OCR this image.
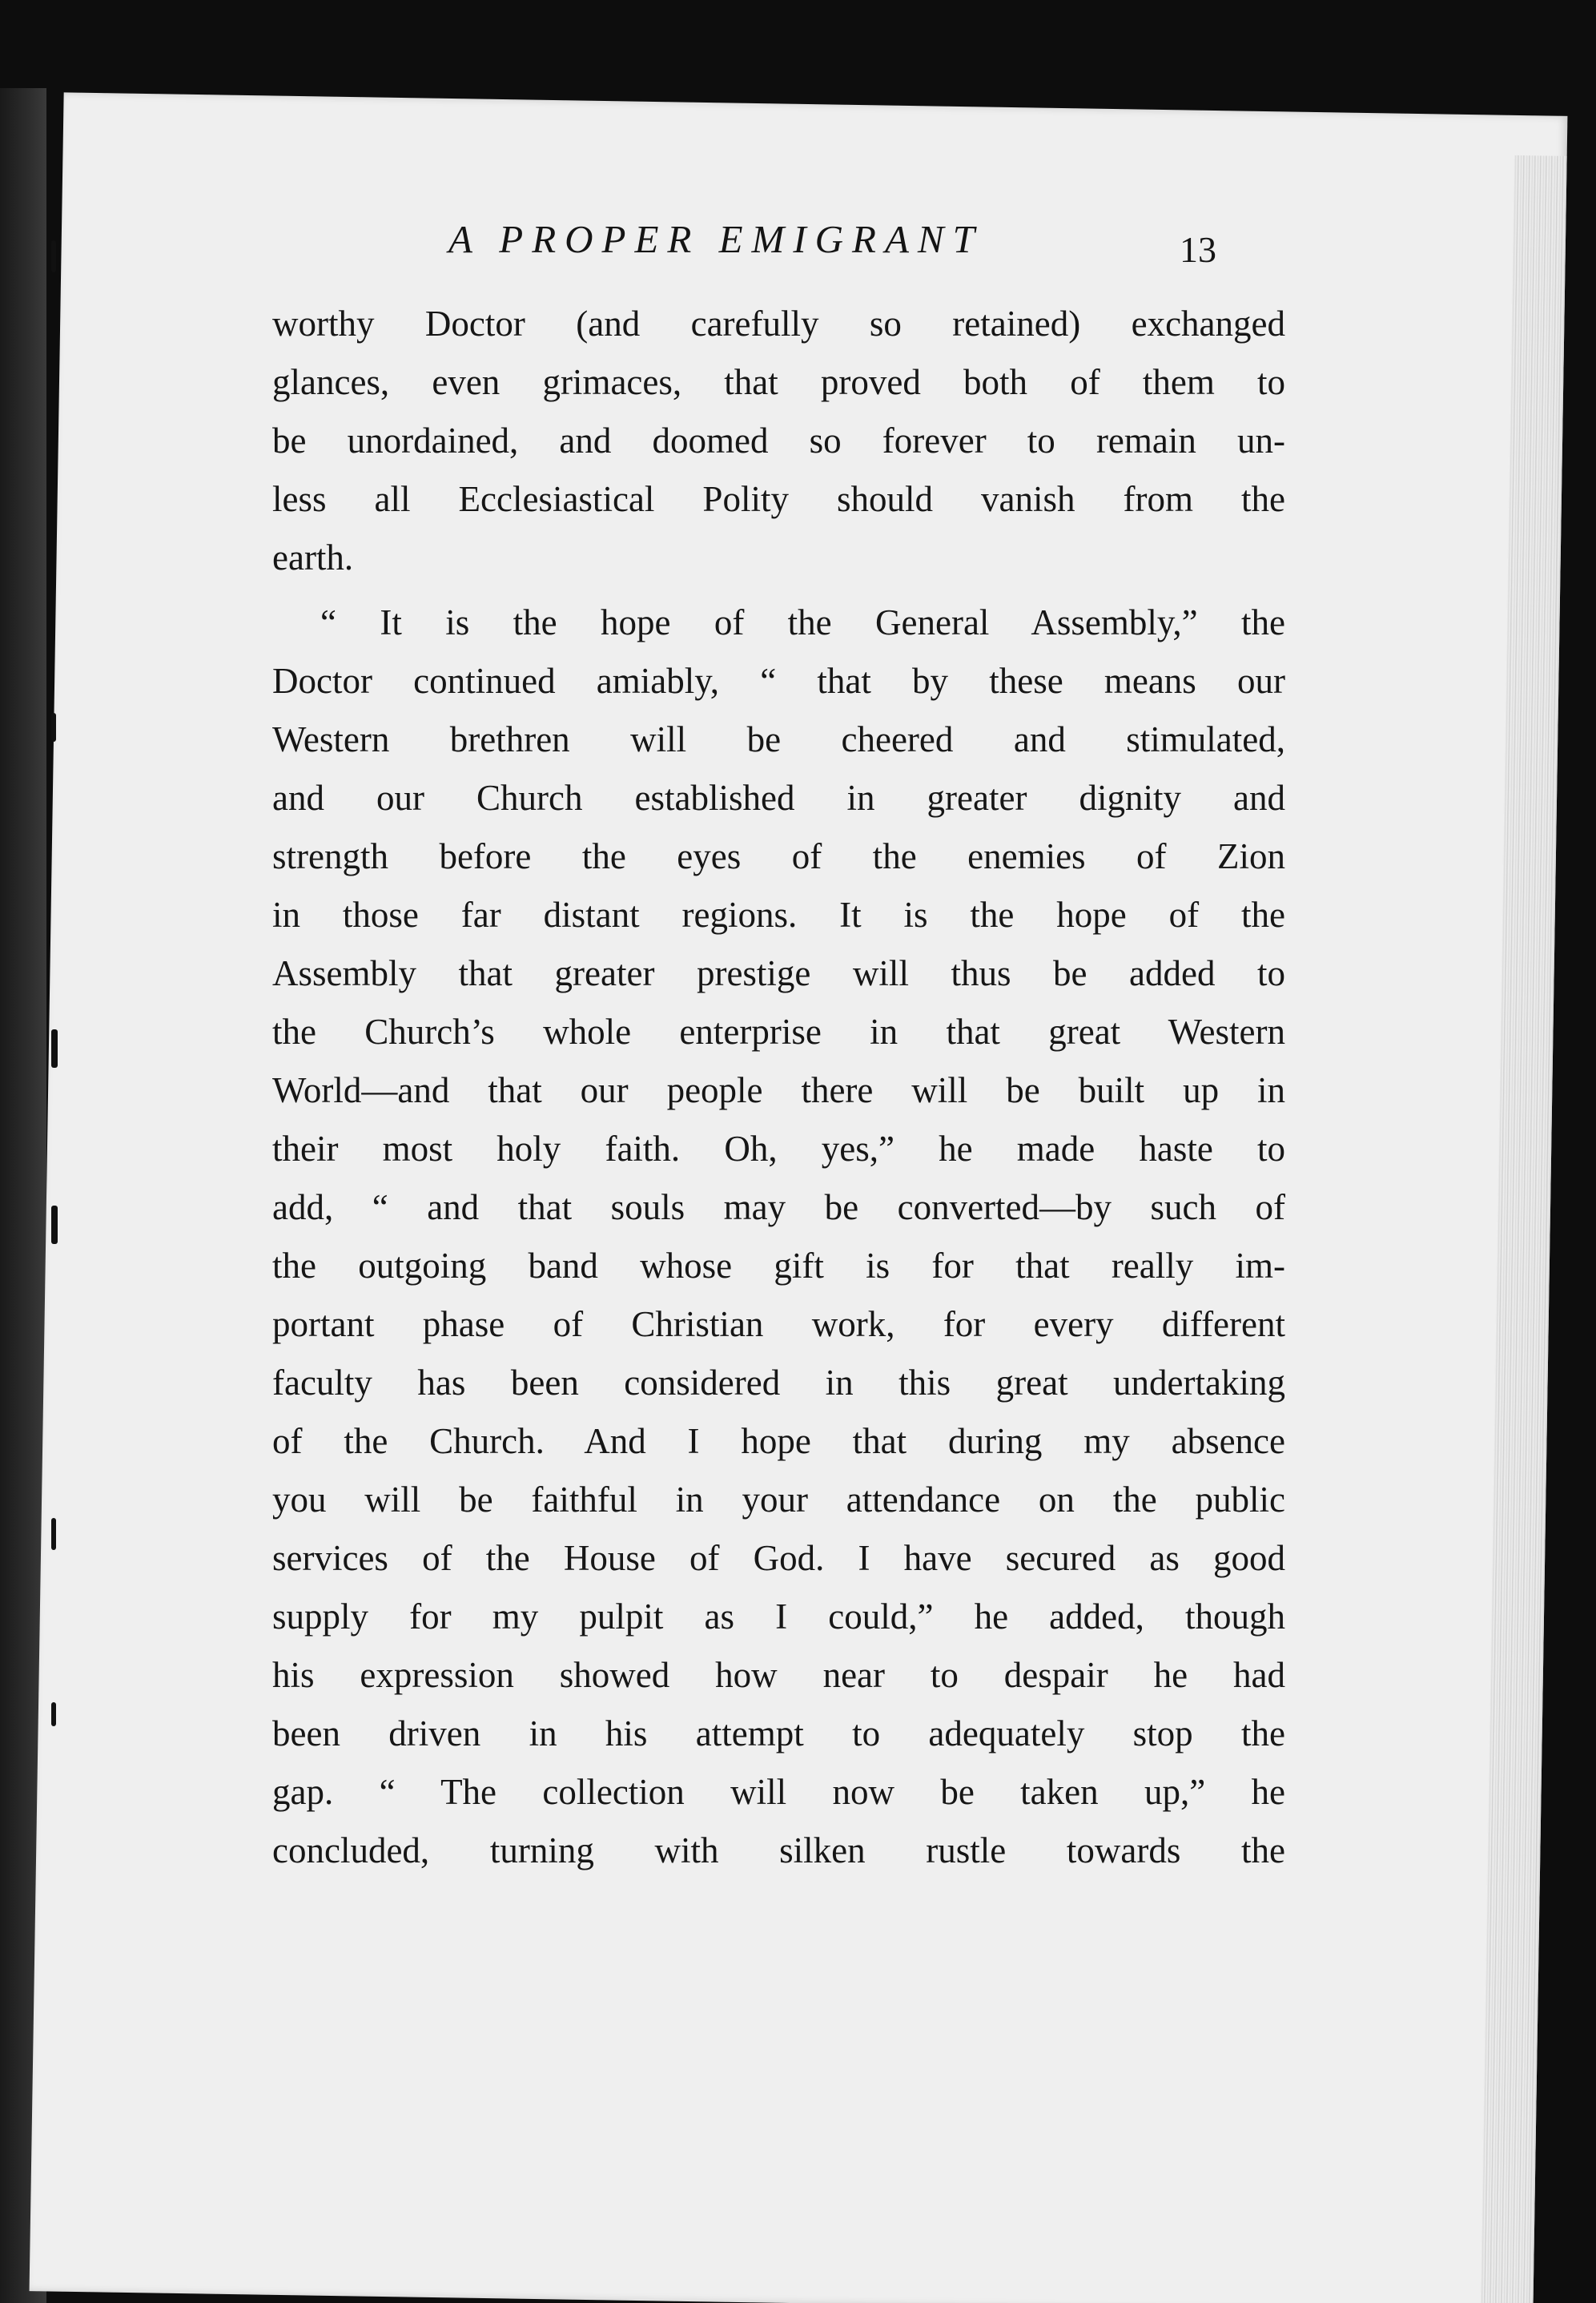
A PROPER EMIGRANT	13
worthy Doctor (and carefully so retained) exchanged
glances, even grimaces, that proved both of them to
be unordained, and doomed so forever to remain un-
less all Ecclesiastical Polity should vanish from the
earth.
“ It is the hope of the General Assembly,” the
Doctor continued amiably, “ that by these means our
Western brethren will be cheered and stimulated,
and our Church established in greater dignity and
strength before the eyes of the enemies of Zion
in those far distant regions. It is the hope of the
Assembly that greater prestige will thus be added to
the Church’s whole enterprise in that great Western
World—and that our people there will be built up in
their most holy faith. Oh, yes,” he made haste to
add, “ and that souls may be converted—by such of
the outgoing band whose gift is for that really im-
portant phase of Christian work, for every different
faculty has been considered in this great undertaking
of the Church. And I hope that during my absence
you will be faithful in your attendance on the public
services of the House of God. I have secured as good
supply for my pulpit as I could,” he added, though
his expression showed how near to despair he had
been driven in his attempt to adequately stop the
gap. “ The collection will now be taken up,” he
concluded, turning with silken rustle towards the
